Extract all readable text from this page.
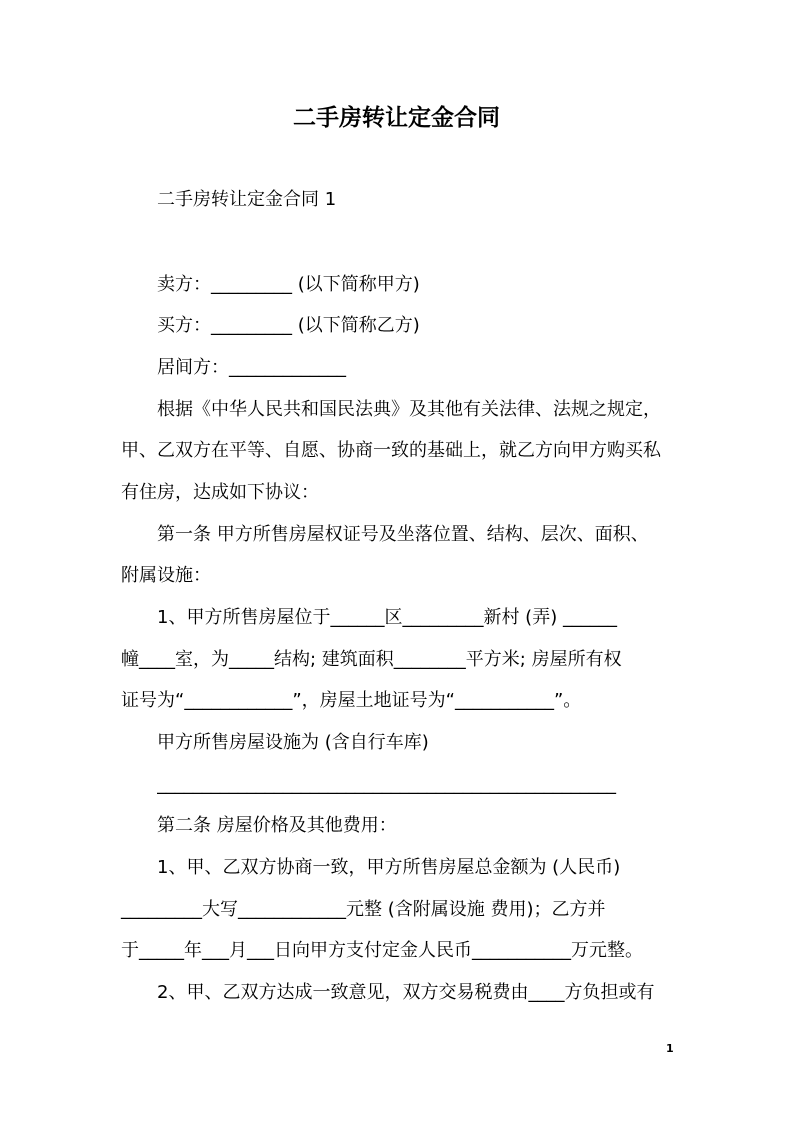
二手房转让定金合同

二手房转让定金合同 1

卖方：_________ (以下简称甲方)

买方：_________ (以下简称乙方)

居间方：_____________

根据《中华人民共和国民法典》及其他有关法律、法规之规定，

甲、乙双方在平等、自愿、协商一致的基础上，就乙方向甲方购买私

有住房，达成如下协议：

第一条 甲方所售房屋权证号及坐落位置、结构、层次、面积、

附属设施：

1、甲方所售房屋位于______区_________新村 (弄) ______

幢____室，为_____结构; 建筑面积________平方米; 房屋所有权

证号为“____________”，房屋土地证号为“___________”。

甲方所售房屋设施为 (含自行车库)

___________________________________________________

第二条 房屋价格及其他费用：

1、甲、乙双方协商一致，甲方所售房屋总金额为 (人民币)

_________大写____________元整 (含附属设施 费用)；乙方并

于_____年___月___日向甲方支付定金人民币___________万元整。

2、甲、乙双方达成一致意见，双方交易税费由____方负担或有

1
